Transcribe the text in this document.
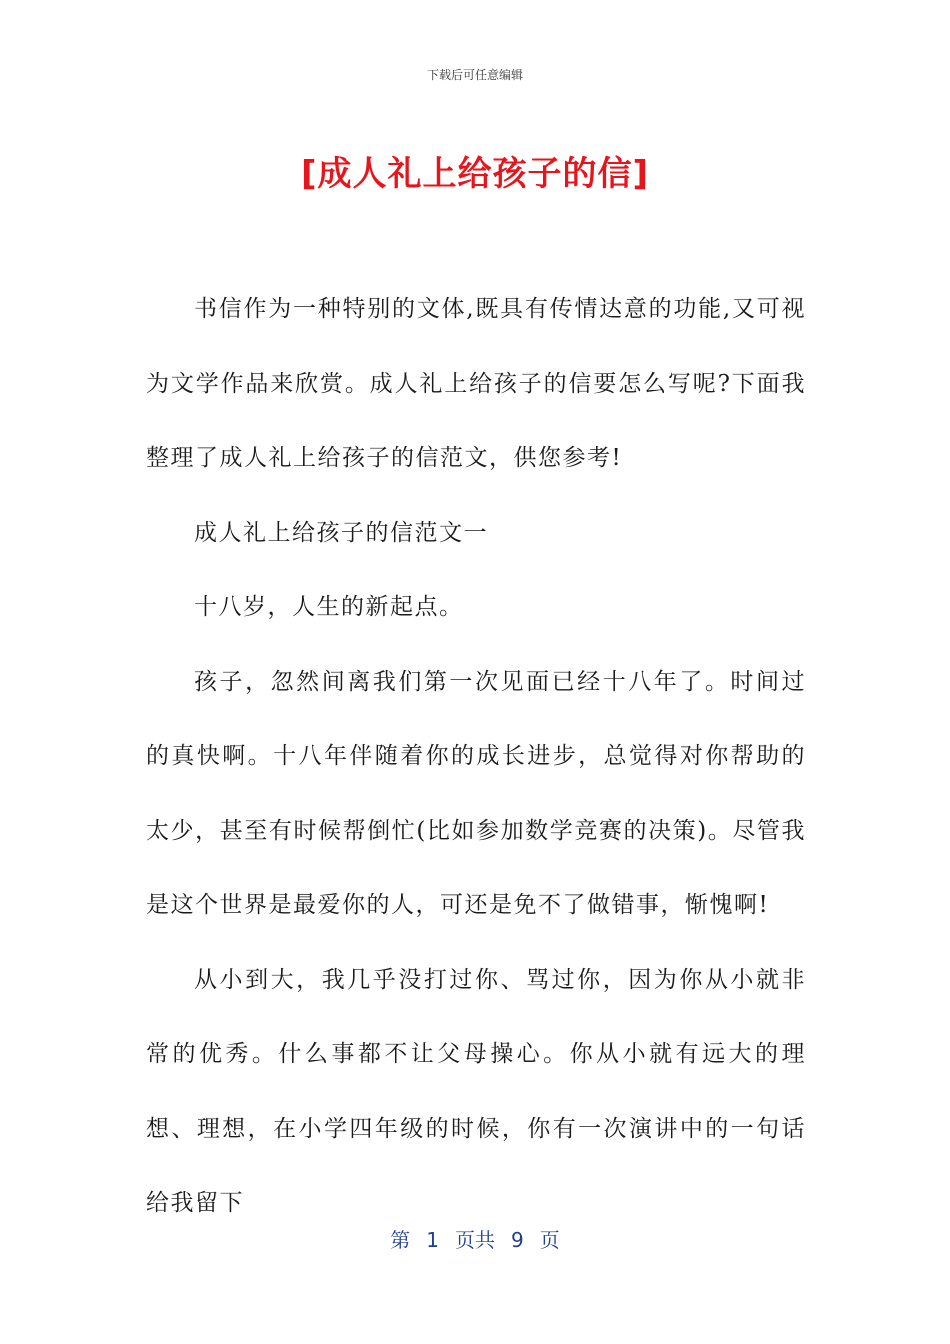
下载后可任意编辑
[成人礼上给孩子的信]

书信作为一种特别的文体,既具有传情达意的功能,又可视为文学作品来欣赏。成人礼上给孩子的信要怎么写呢?下面我整理了成人礼上给孩子的信范文，供您参考!

成人礼上给孩子的信范文一

十八岁，人生的新起点。

孩子，忽然间离我们第一次见面已经十八年了。时间过的真快啊。十八年伴随着你的成长进步，总觉得对你帮助的太少，甚至有时候帮倒忙(比如参加数学竞赛的决策)。尽管我是这个世界是最爱你的人，可还是免不了做错事，惭愧啊!

从小到大，我几乎没打过你、骂过你，因为你从小就非常的优秀。什么事都不让父母操心。你从小就有远大的理想、理想，在小学四年级的时候，你有一次演讲中的一句话给我留下

第 1 页共 9 页
